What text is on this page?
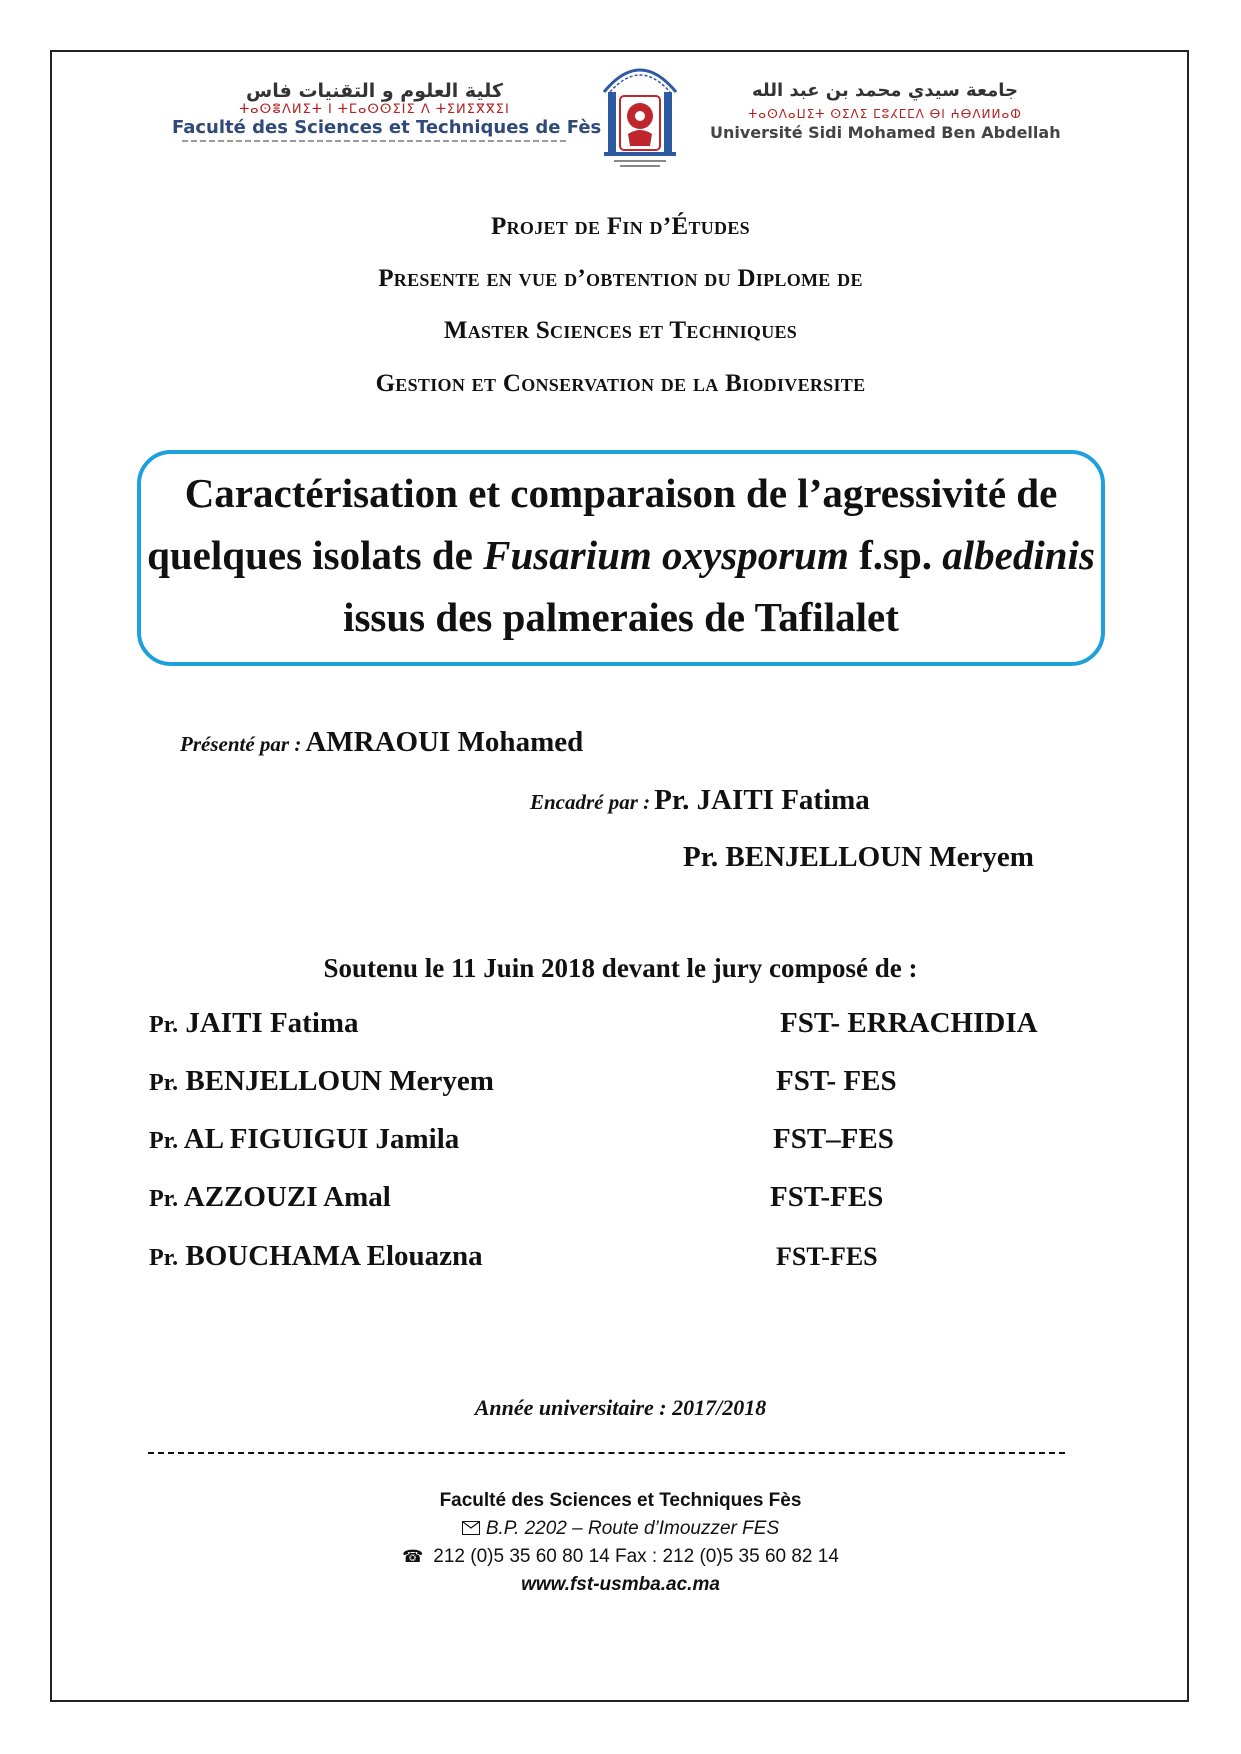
كلية العلوم و التقنيات فاس
ⵜⴰⵙⴻⴷⵍⵉⵜ ⵏ ⵜⵎⴰⵙⵙⵉⵏⵉ ⴷ ⵜⵉⵍⵉⴳⴳⵉⵏ
Faculté des Sciences et Techniques de Fès
جامعة سيدي محمد بن عبد الله
ⵜⴰⵙⴷⴰⵡⵉⵜ ⵙⵉⴷⵉ ⵎⵓⵃⵎⵎⴷ ⴱⵏ ⵄⴱⴷⵍⵍⴰⵀ
Université Sidi Mohamed Ben Abdellah
Projet de Fin d’Études
Presente en vue d’obtention du Diplome de
Master Sciences et Techniques
Gestion et Conservation de la Biodiversite
Caractérisation et comparaison de l’agressivité de quelques isolats de Fusarium oxysporum f.sp. albedinis issus des palmeraies de Tafilalet
Présenté par : AMRAOUI Mohamed
Encadré par : Pr. JAITI Fatima
Pr. BENJELLOUN Meryem
Soutenu le 11 Juin 2018 devant le jury composé de :
Pr. JAITI Fatima	FST- ERRACHIDIA
Pr. BENJELLOUN Meryem	FST- FES
Pr. AL FIGUIGUI Jamila	FST–FES
Pr. AZZOUZI Amal	FST-FES
Pr. BOUCHAMA Elouazna	FST-FES
Année universitaire : 2017/2018
Faculté des Sciences et Techniques Fès
B.P. 2202 – Route d’Imouzzer FES
☎ 212 (0)5 35 60 80 14 Fax : 212 (0)5 35 60 82 14
www.fst-usmba.ac.ma
